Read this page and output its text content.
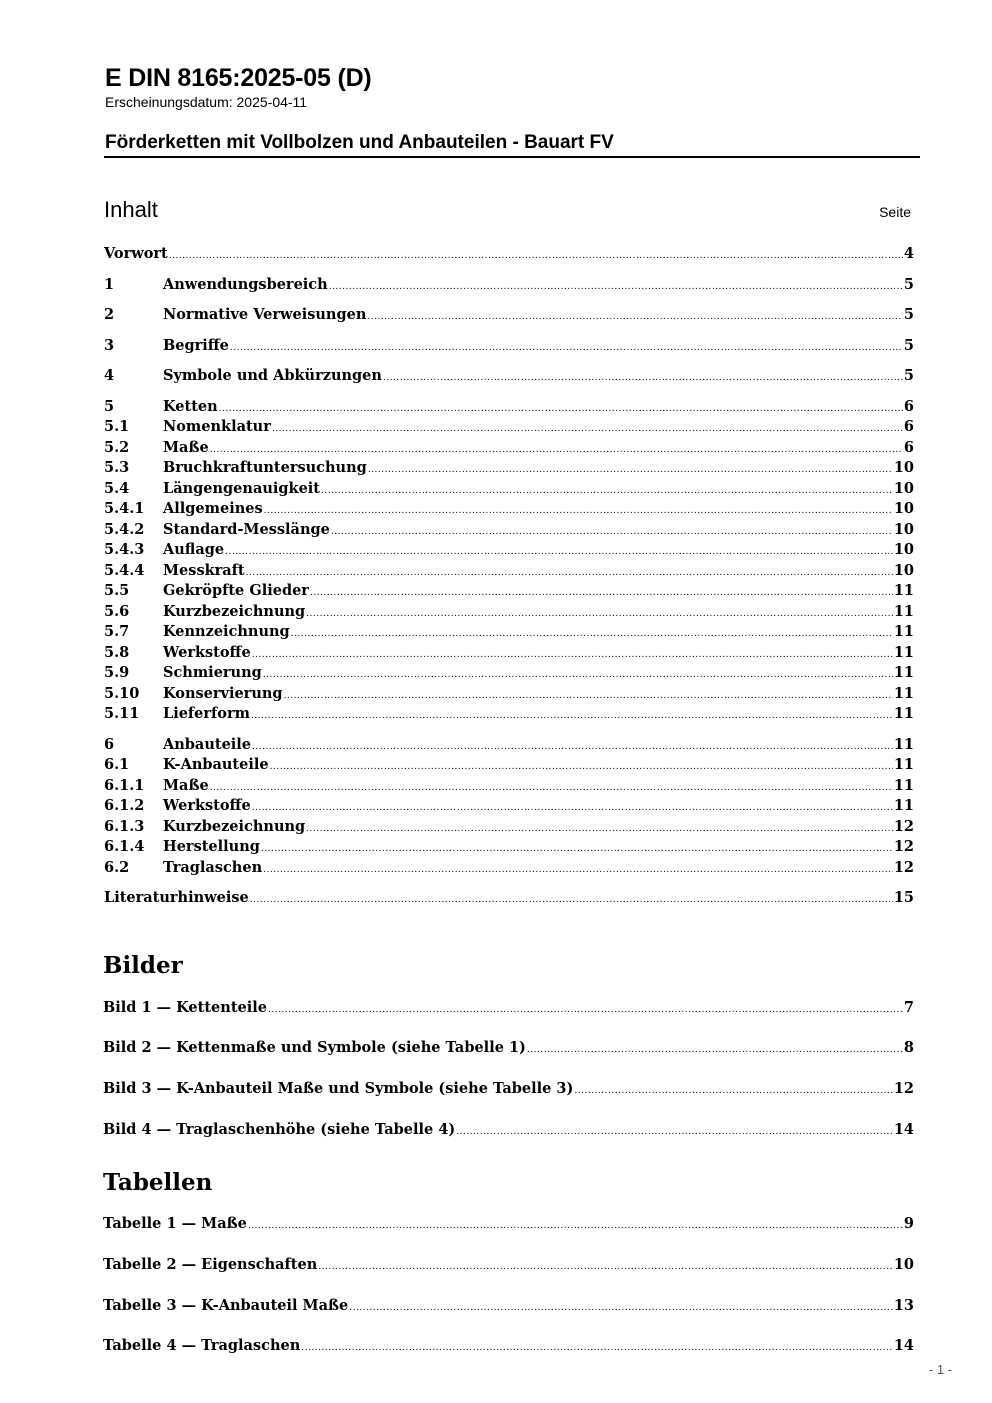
E DIN 8165:2025-05 (D)
Erscheinungsdatum: 2025-04-11
Förderketten mit Vollbolzen und Anbauteilen - Bauart FV
Inhalt	Seite
Vorwort .....	4
1	Anwendungsbereich .....	5
2	Normative Verweisungen .....	5
3	Begriffe .....	5
4	Symbole und Abkürzungen .....	5
5	Ketten .....	6
5.1	Nomenklatur .....	6
5.2	Maße .....	6
5.3	Bruchkraftuntersuchung .....	10
5.4	Längengenauigkeit .....	10
5.4.1	Allgemeines .....	10
5.4.2	Standard-Messlänge .....	10
5.4.3	Auflage .....	10
5.4.4	Messkraft .....	10
5.5	Gekröpfte Glieder .....	11
5.6	Kurzbezeichnung .....	11
5.7	Kennzeichnung .....	11
5.8	Werkstoffe .....	11
5.9	Schmierung .....	11
5.10	Konservierung .....	11
5.11	Lieferform .....	11
6	Anbauteile .....	11
6.1	K-Anbauteile .....	11
6.1.1	Maße .....	11
6.1.2	Werkstoffe .....	11
6.1.3	Kurzbezeichnung .....	12
6.1.4	Herstellung .....	12
6.2	Traglaschen .....	12
Literaturhinweise .....	15
Bilder
Bild 1 — Kettenteile .....	7
Bild 2 — Kettenmaße und Symbole (siehe Tabelle 1) .....	8
Bild 3 — K-Anbauteil Maße und Symbole (siehe Tabelle 3) .....	12
Bild 4 — Traglaschenhöhe (siehe Tabelle 4) .....	14
Tabellen
Tabelle 1 — Maße .....	9
Tabelle 2 — Eigenschaften .....	10
Tabelle 3 — K-Anbauteil Maße .....	13
Tabelle 4 — Traglaschen .....	14
- 1 -
